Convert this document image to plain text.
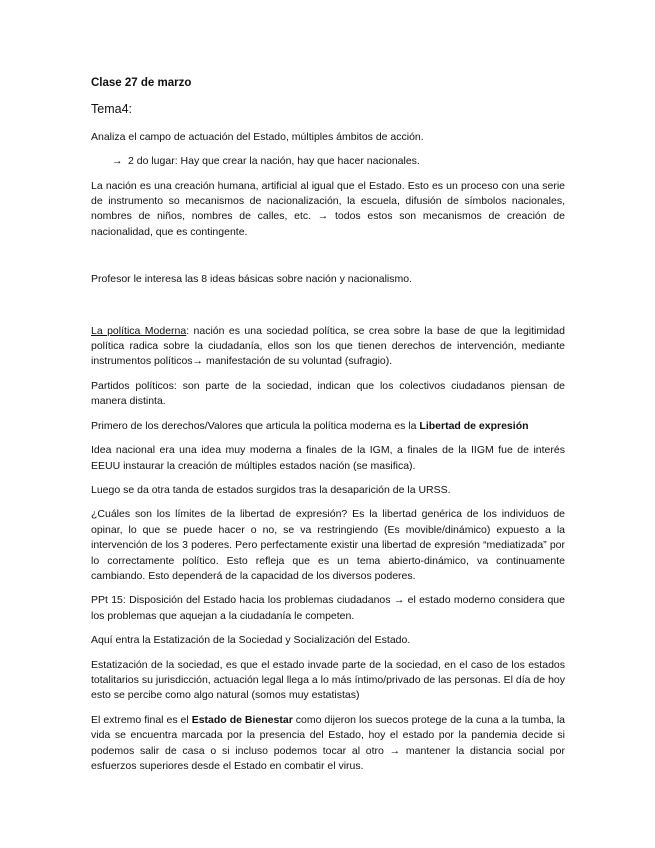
Clase 27 de marzo
Tema4:

Analiza el campo de actuación del Estado, múltiples ámbitos de acción.

→ 2 do lugar: Hay que crear la nación, hay que hacer nacionales.

La nación es una creación humana, artificial al igual que el Estado. Esto es un proceso con una serie de instrumento so mecanismos de nacionalización, la escuela, difusión de símbolos nacionales, nombres de niños, nombres de calles, etc. → todos estos son mecanismos de creación de nacionalidad, que es contingente.

Profesor le interesa las 8 ideas básicas sobre nación y nacionalismo.

La política Moderna: nación es una sociedad política, se crea sobre la base de que la legitimidad política radica sobre la ciudadanía, ellos son los que tienen derechos de intervención, mediante instrumentos políticos→ manifestación de su voluntad (sufragio).

Partidos políticos: son parte de la sociedad, indican que los colectivos ciudadanos piensan de manera distinta.

Primero de los derechos/Valores que articula la política moderna es la Libertad de expresión

Idea nacional era una idea muy moderna a finales de la IGM, a finales de la IIGM fue de interés EEUU instaurar la creación de múltiples estados nación (se masifica).

Luego se da otra tanda de estados surgidos tras la desaparición de la URSS.

¿Cuáles son los límites de la libertad de expresión? Es la libertad genérica de los individuos de opinar, lo que se puede hacer o no, se va restringiendo (Es movible/dinámico) expuesto a la intervención de los 3 poderes. Pero perfectamente existir una libertad de expresión “mediatizada” por lo correctamente político. Esto refleja que es un tema abierto-dinámico, va continuamente cambiando. Esto dependerá de la capacidad de los diversos poderes.

PPt 15: Disposición del Estado hacia los problemas ciudadanos → el estado moderno considera que los problemas que aquejan a la ciudadanía le competen.

Aquí entra la Estatización de la Sociedad y Socialización del Estado.

Estatización de la sociedad, es que el estado invade parte de la sociedad, en el caso de los estados totalitarios su jurisdicción, actuación legal llega a lo más íntimo/privado de las personas. El día de hoy esto se percibe como algo natural (somos muy estatistas)

El extremo final es el Estado de Bienestar como dijeron los suecos protege de la cuna a la tumba, la vida se encuentra marcada por la presencia del Estado, hoy el estado por la pandemia decide si podemos salir de casa o si incluso podemos tocar al otro → mantener la distancia social por esfuerzos superiores desde el Estado en combatir el virus.
